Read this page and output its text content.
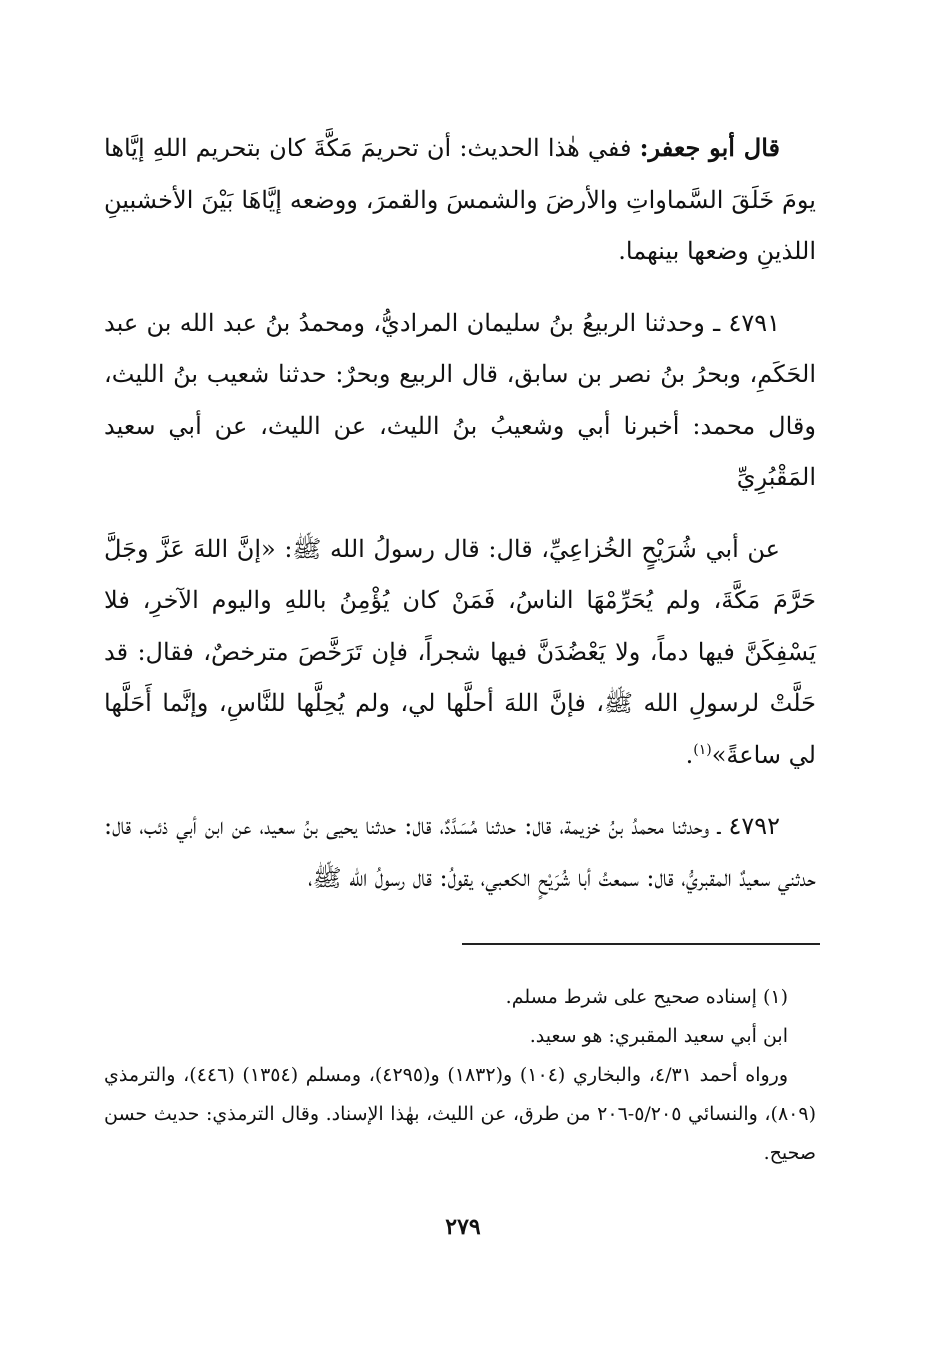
قال أبو جعفر: ففي هٰذا الحديث: أن تحريمَ مَكَّةَ كان بتحريم اللهِ إيَّاها يومَ خَلَقَ السَّماواتِ والأرضَ والشمسَ والقمرَ، ووضعه إيَّاهَا بَيْنَ الأخشبينِ اللذينِ وضعها بينهما.

٤٧٩١ ـ وحدثنا الربيعُ بنُ سليمان المراديُّ، ومحمدُ بنُ عبد الله بن عبد الحَكَمِ، وبحرُ بنُ نصر بن سابق، قال الربيع وبحرٌ: حدثنا شعيب بنُ الليث، وقال محمد: أخبرنا أبي وشعيبُ بنُ الليث، عن الليث، عن أبي سعيد المَقْبُرِيِّ

عن أبي شُرَيْحٍ الخُزاعِيِّ، قال: قال رسولُ الله ﷺ: «إنَّ اللهَ عَزَّ وجَلَّ حَرَّمَ مَكَّةَ، ولم يُحَرِّمْهَا الناسُ، فَمَنْ كان يُؤْمِنُ باللهِ واليوم الآخرِ، فلا يَسْفِكَنَّ فيها دماً، ولا يَعْضُدَنَّ فيها شجراً، فإن تَرَخَّصَ مترخصٌ، فقال: قد حَلَّتْ لرسولِ الله ﷺ، فإنَّ اللهَ أحلَّها لي، ولم يُحِلَّها للنَّاسِ، وإنَّما أَحَلَّها لي ساعةً»$^{(١)}$.

٤٧٩٢ ـ وحدثنا محمدُ بنُ خزيمة، قال: حدثنا مُسَدَّدٌ، قال: حدثنا يحيى بنُ سعيد، عن ابن أبي ذئب، قال: حدثني سعيدٌ المقبريُّ، قال: سمعتُ أبا شُرَيْحٍ الكعبي، يقولُ: قال رسولُ الله ﷺ،

(١) إسناده صحيح على شرط مسلم.

ابن أبي سعيد المقبري: هو سعيد.

ورواه أحمد ٤/٣١، والبخاري (١٠٤) و(١٨٣٢) و(٤٢٩٥)، ومسلم (١٣٥٤) (٤٤٦)، والترمذي (٨٠٩)، والنسائي ٥/٢٠٥-٢٠٦ من طرق، عن الليث، بهٰذا الإسناد. وقال الترمذي: حديث حسن صحيح.

٢٧٩
